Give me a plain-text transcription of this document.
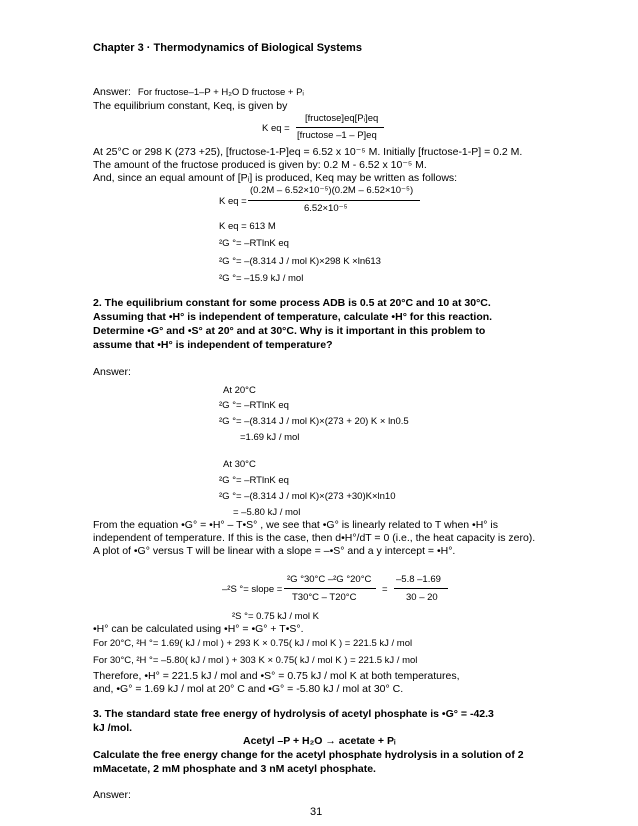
Chapter 3 · Thermodynamics of Biological Systems
Answer: For fructose–1–P + H₂O D fructose + Pᵢ
The equilibrium constant, Keq, is given by
K eq =
[fructose]eq[Pᵢ]eq
[fructose –1 – P]eq
At 25°C or 298 K (273 +25), [fructose-1-P]eq = 6.52 x 10⁻⁵ M. Initially [fructose-1-P] = 0.2 M.
The amount of the fructose produced is given by: 0.2 M - 6.52 x 10⁻⁵ M.
And, since an equal amount of [Pᵢ] is produced, Keq may be written as follows:
K eq =
(0.2M – 6.52×10⁻⁵)(0.2M – 6.52×10⁻⁵)
6.52×10⁻⁵
K eq = 613 M
²G °= –RTlnK eq
²G °= –(8.314 J / mol K)×298 K ×ln613
²G °= –15.9 kJ / mol
2. The equilibrium constant for some process ADB is 0.5 at 20°C and 10 at 30°C.
Assuming that •H° is independent of temperature, calculate •H° for this reaction.
Determine •G° and •S° at 20° and at 30°C. Why is it important in this problem to
assume that •H° is independent of temperature?
Answer:
At 20°C
²G °= –RTlnK eq
²G °= –(8.314 J / mol K)×(273 + 20) K × ln0.5
=1.69 kJ / mol
At 30°C
²G °= –RTlnK eq
²G °= –(8.314 J / mol K)×(273 +30)K×ln10
= –5.80 kJ / mol
From the equation •G° = •H° – T•S° , we see that •G° is linearly related to T when •H° is
independent of temperature. If this is the case, then d•H°/dT = 0 (i.e., the heat capacity is zero).
A plot of •G° versus T will be linear with a slope = –•S° and a y intercept = •H°.
–²S °= slope =
²G °30°C –²G °20°C
T30°C – T20°C
=
–5.8 –1.69
30 – 20
²S °= 0.75 kJ / mol K
•H° can be calculated using •H° = •G° + T•S°.
For 20°C, ²H °= 1.69( kJ / mol ) + 293 K × 0.75( kJ / mol K ) = 221.5 kJ / mol
For 30°C, ²H °= –5.80( kJ / mol ) + 303 K × 0.75( kJ / mol K ) = 221.5 kJ / mol
Therefore, •H° = 221.5 kJ / mol and •S° = 0.75 kJ / mol K at both temperatures,
and, •G° = 1.69 kJ / mol at 20° C and •G° = -5.80 kJ / mol at 30° C.
3. The standard state free energy of hydrolysis of acetyl phosphate is •G° = -42.3
kJ /mol.
Acetyl –P + H₂O → acetate + Pᵢ
Calculate the free energy change for the acetyl phosphate hydrolysis in a solution of 2
mMacetate, 2 mM phosphate and 3 nM acetyl phosphate.
Answer:
31
